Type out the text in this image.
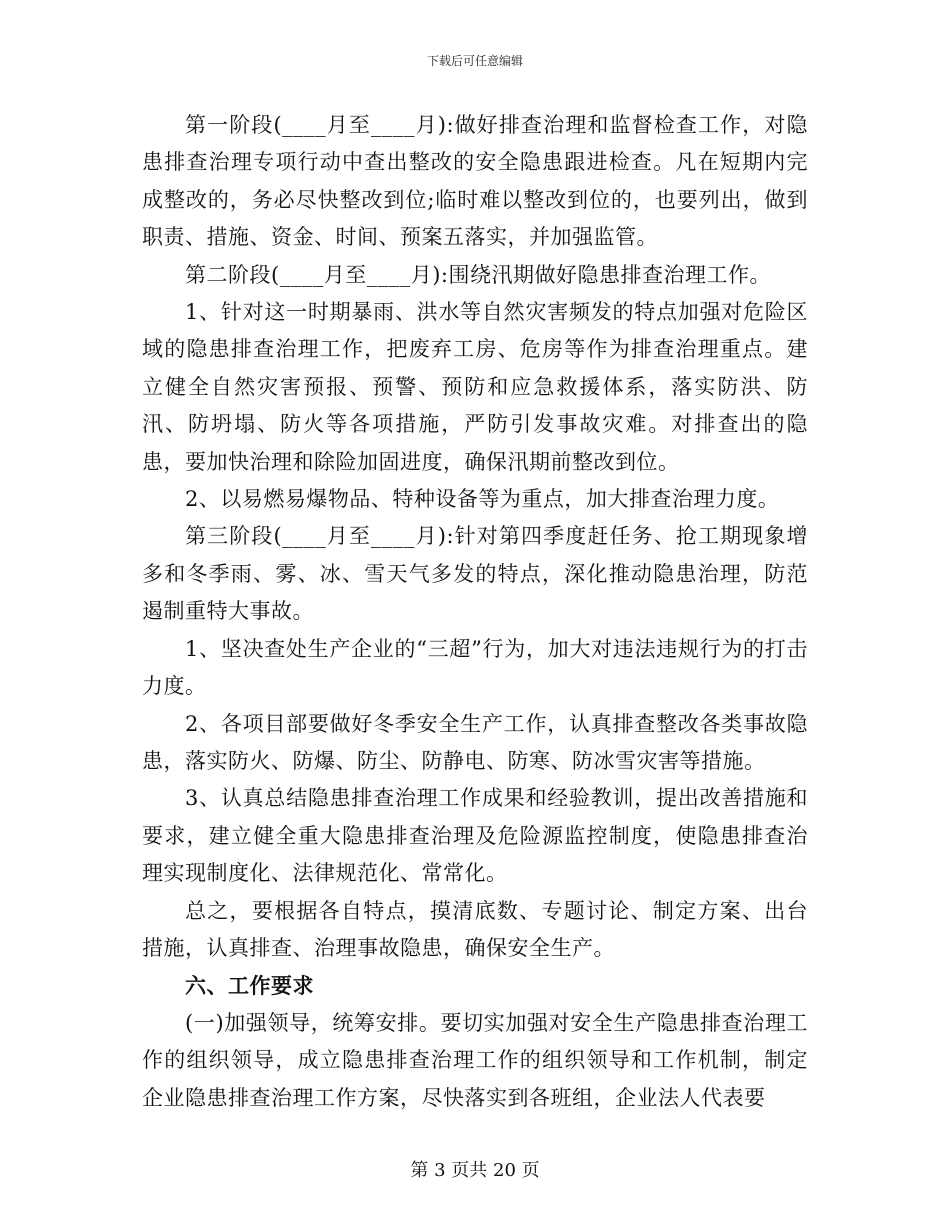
下载后可任意编辑

第一阶段(____月至____月):做好排查治理和监督检查工作，对隐患排查治理专项行动中查出整改的安全隐患跟进检查。凡在短期内完成整改的，务必尽快整改到位;临时难以整改到位的，也要列出，做到职责、措施、资金、时间、预案五落实，并加强监管。

第二阶段(____月至____月):围绕汛期做好隐患排查治理工作。

1、针对这一时期暴雨、洪水等自然灾害频发的特点加强对危险区域的隐患排查治理工作，把废弃工房、危房等作为排查治理重点。建立健全自然灾害预报、预警、预防和应急救援体系，落实防洪、防汛、防坍塌、防火等各项措施，严防引发事故灾难。对排查出的隐患，要加快治理和除险加固进度，确保汛期前整改到位。

2、以易燃易爆物品、特种设备等为重点，加大排查治理力度。

第三阶段(____月至____月):针对第四季度赶任务、抢工期现象增多和冬季雨、雾、冰、雪天气多发的特点，深化推动隐患治理，防范遏制重特大事故。

1、坚决查处生产企业的“三超”行为，加大对违法违规行为的打击力度。

2、各项目部要做好冬季安全生产工作，认真排查整改各类事故隐患，落实防火、防爆、防尘、防静电、防寒、防冰雪灾害等措施。

3、认真总结隐患排查治理工作成果和经验教训，提出改善措施和要求，建立健全重大隐患排查治理及危险源监控制度，使隐患排查治理实现制度化、法律规范化、常常化。

总之，要根据各自特点，摸清底数、专题讨论、制定方案、出台措施，认真排查、治理事故隐患，确保安全生产。

六、工作要求

(一)加强领导，统筹安排。要切实加强对安全生产隐患排查治理工作的组织领导，成立隐患排查治理工作的组织领导和工作机制，制定企业隐患排查治理工作方案，尽快落实到各班组，企业法人代表要

第 3 页共 20 页
